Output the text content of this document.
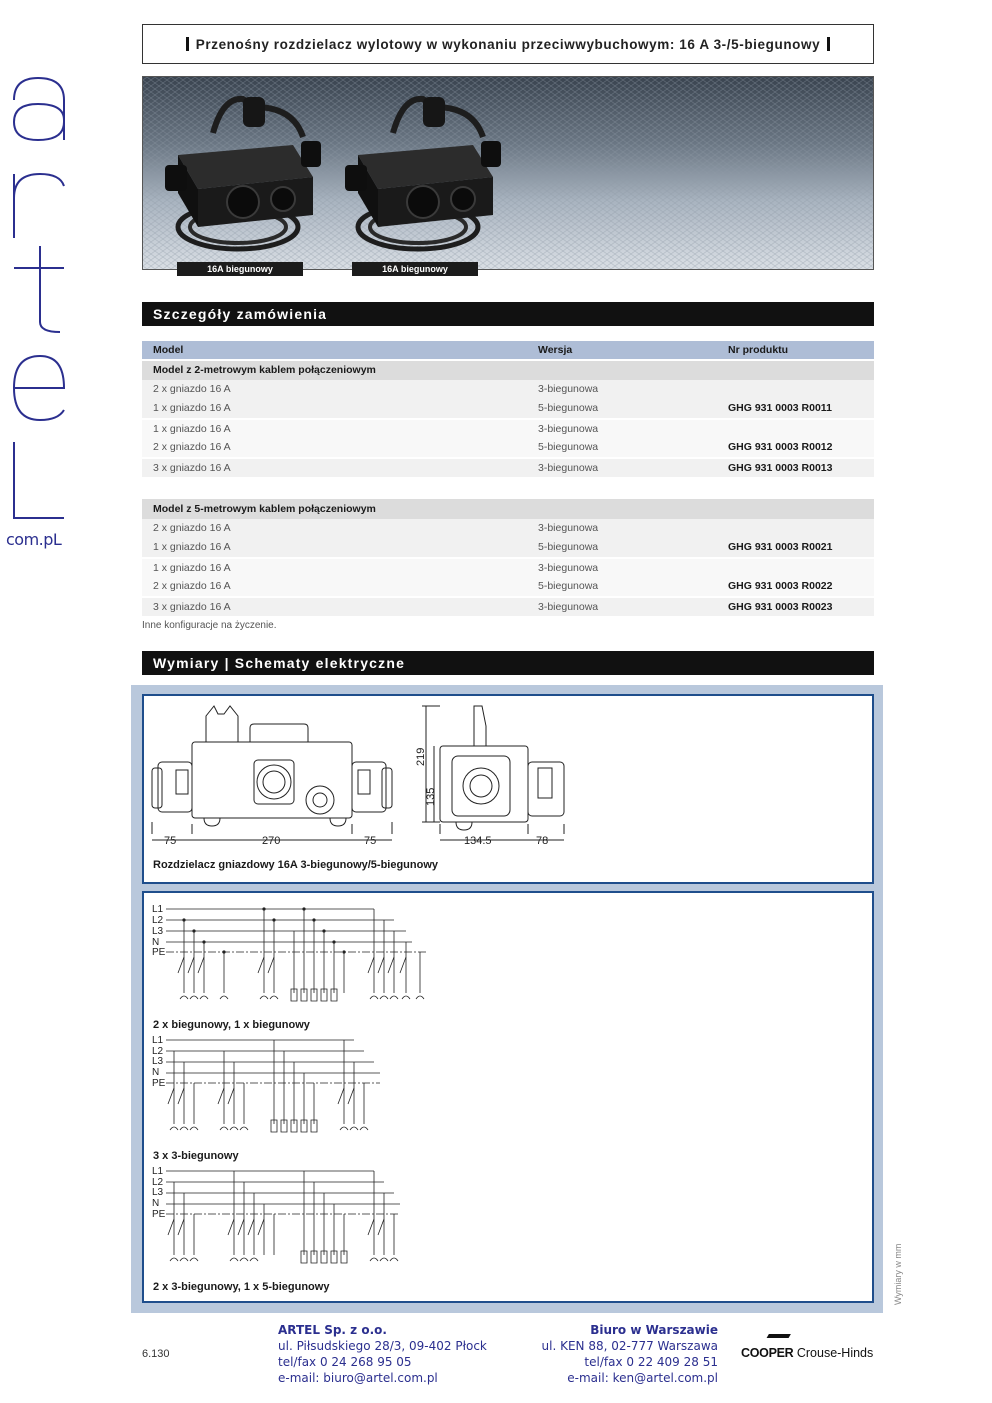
com.pL
Przenośny rozdzielacz wylotowy w wykonaniu przeciwwybuchowym: 16 A 3-/5-biegunowy
16A biegunowy	16A biegunowy
Szczegóły zamówienia
Model	Wersja	Nr produktu
Model z 2-metrowym kablem połączeniowym		
2 x gniazdo 16 A	3-biegunowa	
1 x gniazdo 16 A	5-biegunowa	GHG 931 0003 R0011
1 x gniazdo 16 A	3-biegunowa	
2 x gniazdo 16 A	5-biegunowa	GHG 931 0003 R0012
3 x gniazdo 16 A	3-biegunowa	GHG 931 0003 R0013
Model z 5-metrowym kablem połączeniowym		
2 x gniazdo 16 A	3-biegunowa	
1 x gniazdo 16 A	5-biegunowa	GHG 931 0003 R0021
1 x gniazdo 16 A	3-biegunowa	
2 x gniazdo 16 A	5-biegunowa	GHG 931 0003 R0022
3 x gniazdo 16 A	3-biegunowa	GHG 931 0003 R0023
Inne konfiguracje na życzenie.
Wymiary | Schematy elektryczne
75	270	75
219
135
134.5	78
Rozdzielacz gniazdowy 16A 3-biegunowy/5-biegunowy
L1
L2
L3
N
PE
L1
L2
L3
N
PE
L1
L2
L3
N
PE
2 x biegunowy, 1 x biegunowy
3 x 3-biegunowy
2 x 3-biegunowy, 1 x 5-biegunowy	Wymiary w mm
6.130
ARTEL Sp. z o.o.
ul. Piłsudskiego 28/3, 09-402 Płock
tel/fax 0 24 268 95 05
e-mail: biuro@artel.com.pl
Biuro w Warszawie
ul. KEN 88, 02-777 Warszawa
tel/fax 0 22 409 28 51
e-mail: ken@artel.com.pl
COOPER Crouse-Hinds
